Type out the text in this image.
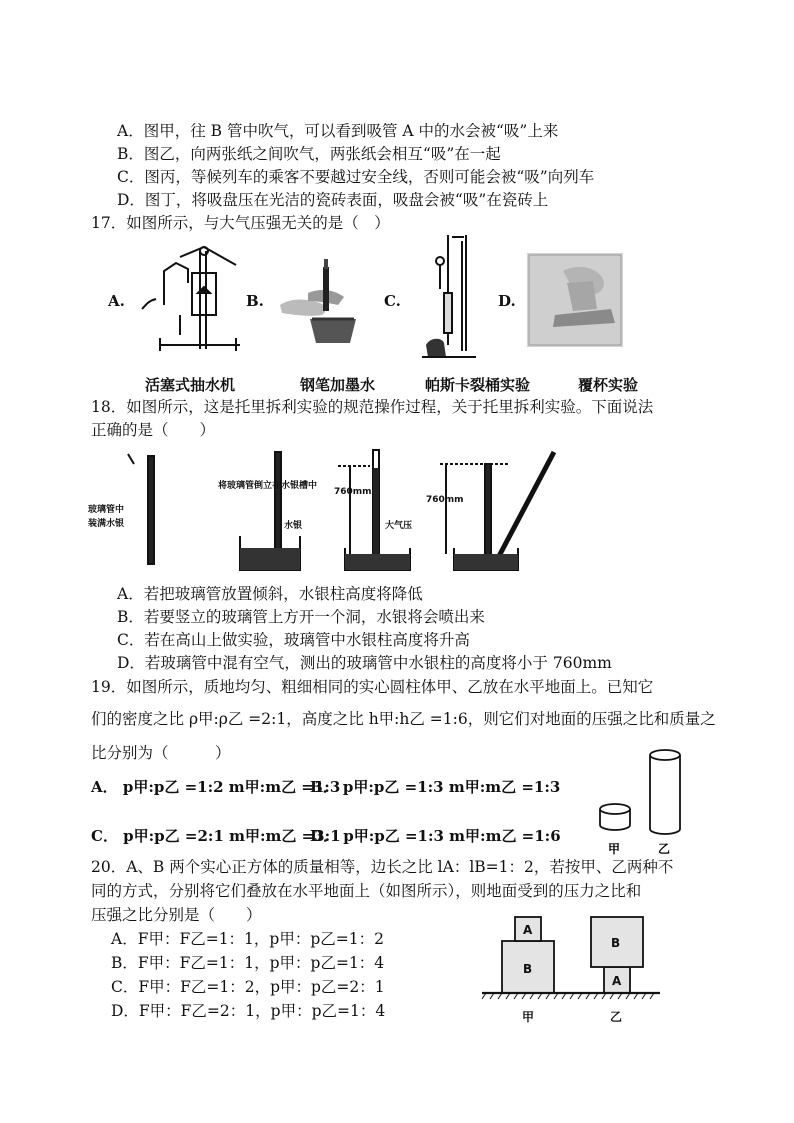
A．图甲，往 B 管中吹气，可以看到吸管 A 中的水会被“吸”上来
B．图乙，向两张纸之间吹气，两张纸会相互“吸”在一起
C．图丙，等候列车的乘客不要越过安全线，否则可能会被“吸”向列车
D．图丁，将吸盘压在光洁的瓷砖表面，吸盘会被“吸”在瓷砖上
17．如图所示，与大气压强无关的是（　）
A.	B.	C.	D.
活塞式抽水机	钢笔加墨水	帕斯卡裂桶实验	覆杯实验
18．如图所示，这是托里拆利实验的规范操作过程，关于托里拆利实验。下面说法
正确的是（　　）
玻璃管中
装满水银
将玻璃管倒立在水银槽中
水银
760mm
大气压
760mm
A．若把玻璃管放置倾斜，水银柱高度将降低
B．若要竖立的玻璃管上方开一个洞，水银将会喷出来
C．若在高山上做实验，玻璃管中水银柱高度将升高
D．若玻璃管中混有空气，测出的玻璃管中水银柱的高度将小于 760mm
19．如图所示，质地均匀、粗细相同的实心圆柱体甲、乙放在水平地面上。已知它
们的密度之比 ρ甲:ρ乙 =2:1，高度之比 h甲:h乙 =1:6，则它们对地面的压强之比和质量之
比分别为（　　　）
A． p甲:p乙 =1:2 m甲:m乙 =1:3
B． p甲:p乙 =1:3 m甲:m乙 =1:3
C． p甲:p乙 =2:1 m甲:m乙 =3:1
D． p甲:p乙 =1:3 m甲:m乙 =1:6
甲	乙
20．A、B 两个实心正方体的质量相等，边长之比 lA：lB=1：2，若按甲、乙两种不
同的方式，分别将它们叠放在水平地面上（如图所示），则地面受到的压力之比和
压强之比分别是（　　）
A．F甲：F乙=1：1，p甲：p乙=1：2
B．F甲：F乙=1：1，p甲：p乙=1：4
C．F甲：F乙=1：2，p甲：p乙=2：1
D．F甲：F乙=2：1，p甲：p乙=1：4
A
B
A
B
甲	乙
